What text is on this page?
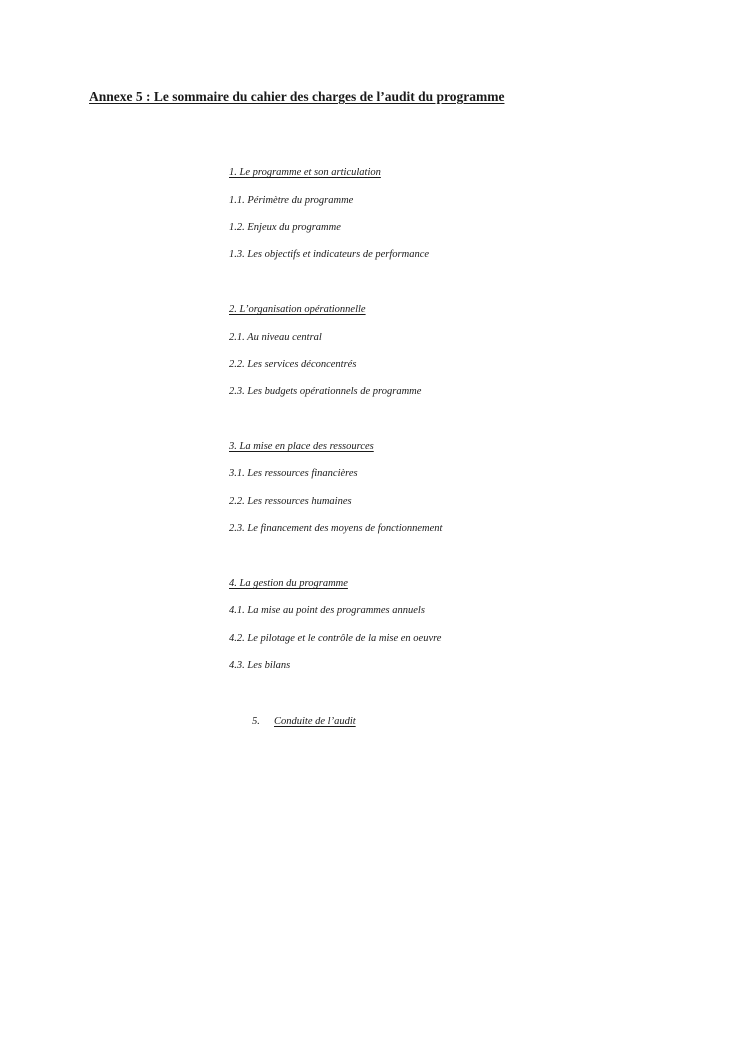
Annexe 5 : Le sommaire du cahier des charges de l’audit du programme
1. Le programme et son articulation
1.1. Périmètre du programme
1.2. Enjeux du programme
1.3. Les objectifs et indicateurs de performance
2. L’organisation opérationnelle
2.1. Au niveau central
2.2. Les services déconcentrés
2.3. Les budgets opérationnels de programme
3. La mise en place des ressources
3.1. Les ressources financières
2.2. Les ressources humaines
2.3. Le financement des moyens de fonctionnement
4. La gestion du programme
4.1. La mise au point des programmes annuels
4.2. Le pilotage et le contrôle de la mise en oeuvre
4.3. Les bilans
5. Conduite de l’audit
